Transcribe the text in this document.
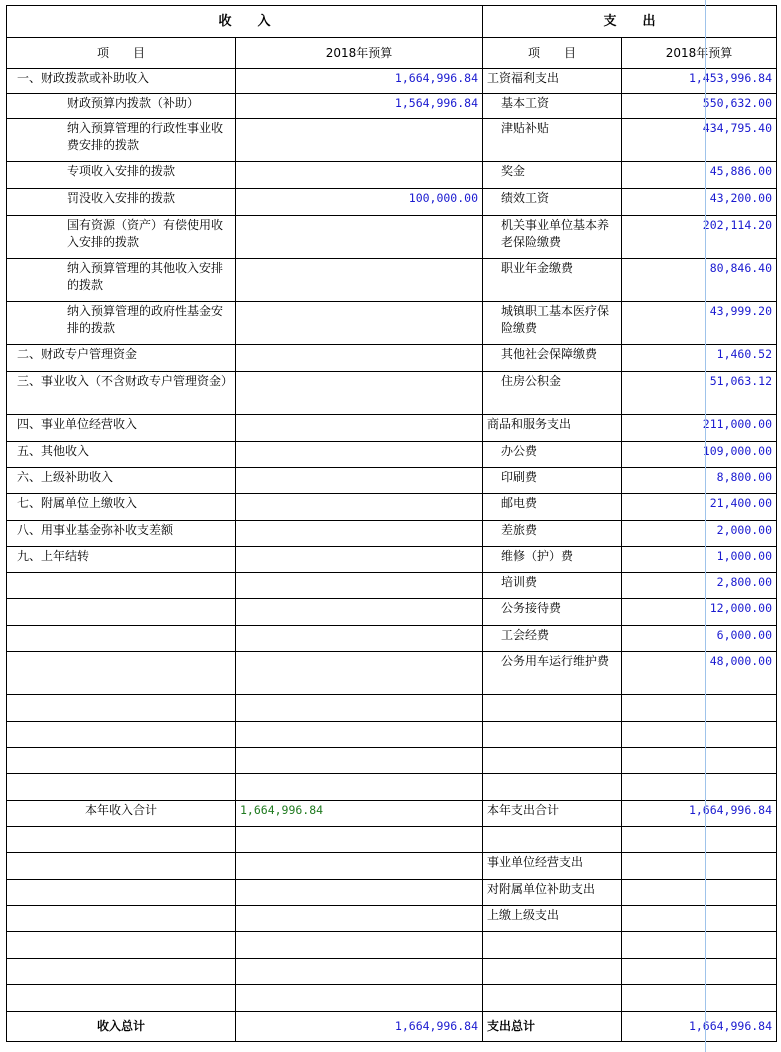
收　　入		支　　出	
项　　目	2018年预算	项　　目	2018年预算
一、财政拨款或补助收入	1,664,996.84	工资福利支出	1,453,996.84
财政预算内拨款（补助）	1,564,996.84	基本工资	550,632.00
纳入预算管理的行政性事业收费安排的拨款		津贴补贴	434,795.40
专项收入安排的拨款		奖金	45,886.00
罚没收入安排的拨款	100,000.00	绩效工资	43,200.00
国有资源（资产）有偿使用收入安排的拨款		机关事业单位基本养老保险缴费	202,114.20
纳入预算管理的其他收入安排的拨款		职业年金缴费	80,846.40
纳入预算管理的政府性基金安排的拨款		城镇职工基本医疗保险缴费	43,999.20
二、财政专户管理资金		其他社会保障缴费	1,460.52
三、事业收入（不含财政专户管理资金）		住房公积金	51,063.12
四、事业单位经营收入		商品和服务支出	211,000.00
五、其他收入		办公费	109,000.00
六、上级补助收入		印刷费	8,800.00
七、附属单位上缴收入		邮电费	21,400.00
八、用事业基金弥补收支差额		差旅费	2,000.00
九、上年结转		维修（护）费	1,000.00
		培训费	2,800.00
		公务接待费	12,000.00
		工会经费	6,000.00
		公务用车运行维护费	48,000.00

本年收入合计	1,664,996.84	本年支出合计	1,664,996.84

		事业单位经营支出	
		对附属单位补助支出	
		上缴上级支出	

收入总计	1,664,996.84	支出总计	1,664,996.84
